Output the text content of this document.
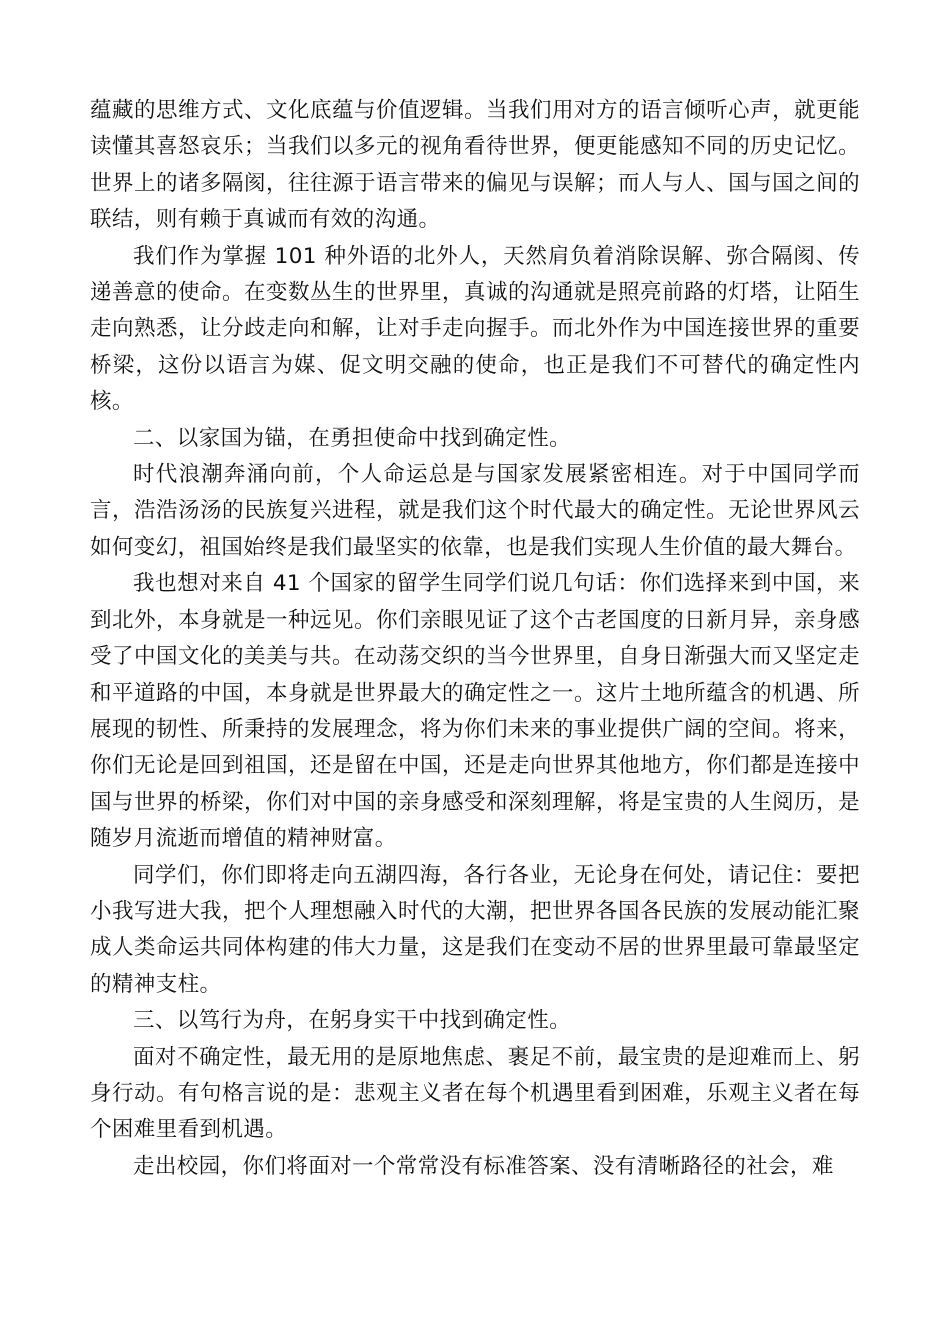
蕴藏的思维方式、文化底蕴与价值逻辑。当我们用对方的语言倾听心声，就更能读懂其喜怒哀乐；当我们以多元的视角看待世界，便更能感知不同的历史记忆。世界上的诸多隔阂，往往源于语言带来的偏见与误解；而人与人、国与国之间的联结，则有赖于真诚而有效的沟通。

我们作为掌握 101 种外语的北外人，天然肩负着消除误解、弥合隔阂、传递善意的使命。在变数丛生的世界里，真诚的沟通就是照亮前路的灯塔，让陌生走向熟悉，让分歧走向和解，让对手走向握手。而北外作为中国连接世界的重要桥梁，这份以语言为媒、促文明交融的使命，也正是我们不可替代的确定性内核。

二、以家国为锚，在勇担使命中找到确定性。

时代浪潮奔涌向前，个人命运总是与国家发展紧密相连。对于中国同学而言，浩浩汤汤的民族复兴进程，就是我们这个时代最大的确定性。无论世界风云如何变幻，祖国始终是我们最坚实的依靠，也是我们实现人生价值的最大舞台。

我也想对来自 41 个国家的留学生同学们说几句话：你们选择来到中国，来到北外，本身就是一种远见。你们亲眼见证了这个古老国度的日新月异，亲身感受了中国文化的美美与共。在动荡交织的当今世界里，自身日渐强大而又坚定走和平道路的中国，本身就是世界最大的确定性之一。这片土地所蕴含的机遇、所展现的韧性、所秉持的发展理念，将为你们未来的事业提供广阔的空间。将来，你们无论是回到祖国，还是留在中国，还是走向世界其他地方，你们都是连接中国与世界的桥梁，你们对中国的亲身感受和深刻理解，将是宝贵的人生阅历，是随岁月流逝而增值的精神财富。

同学们，你们即将走向五湖四海，各行各业，无论身在何处，请记住：要把小我写进大我，把个人理想融入时代的大潮，把世界各国各民族的发展动能汇聚成人类命运共同体构建的伟大力量，这是我们在变动不居的世界里最可靠最坚定的精神支柱。

三、以笃行为舟，在躬身实干中找到确定性。

面对不确定性，最无用的是原地焦虑、裹足不前，最宝贵的是迎难而上、躬身行动。有句格言说的是：悲观主义者在每个机遇里看到困难，乐观主义者在每个困难里看到机遇。

走出校园，你们将面对一个常常没有标准答案、没有清晰路径的社会，难
